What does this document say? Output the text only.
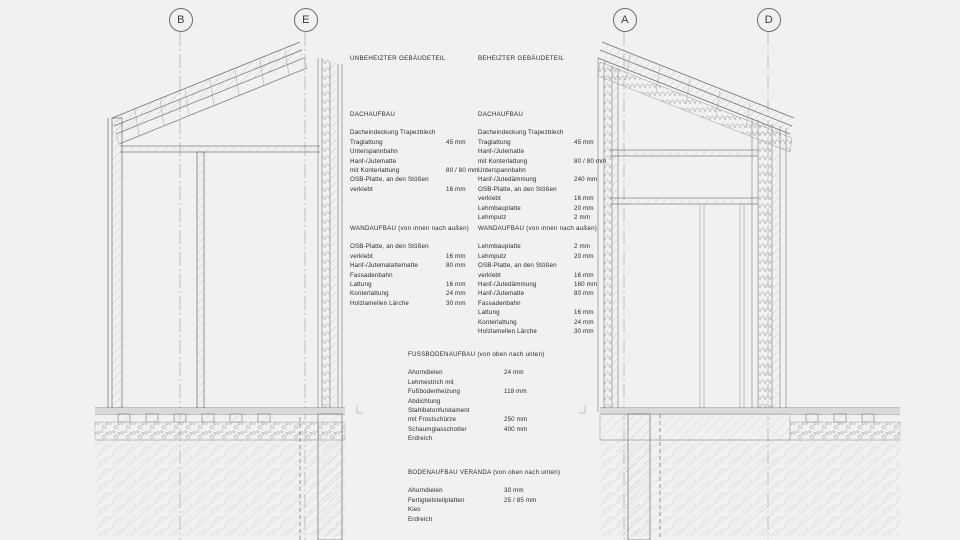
B	E	A	D
UNBEHEIZTER GEBÄUDETEIL	BEHEIZTER GEBÄUDETEIL
DACHAUFBAU
Dacheindeckung Trapezblech
Traglattung	45 mm
Unterspannbahn
Hanf-/Jutematte
mit Konterlattung	80 / 80 mm
OSB-Platte, an den Stößen
verklebt	16 mm
DACHAUFBAU
Dacheindeckung Trapezblech
Traglattung	45 mm
Hanf-/Jutematte
mit Konterlattung	80 / 80 mm
Unterspannbahn
Hanf-/Jutedämmung	240 mm
OSB-Platte, an den Stößen
verklebt	16 mm
Lehmbauplatte	20 mm
Lehmputz	2 mm
WANDAUFBAU (von innen nach außen)
OSB-Platte, an den Stößen
verklebt	16 mm
Hanf-/Jutematattematte	80 mm
Fassadenbahn
Lattung	16 mm
Konterlattung	24 mm
Holzlamellen Lärche	30 mm
WANDAUFBAU (von innen nach außen)
Lehmbauplatte	2 mm
Lehmputz	20 mm
OSB-Platte, an den Stößen
verklebt	16 mm
Hanf-/Jutedämmung	160 mm
Hanf-/Jutematte	80 mm
Fassadenbahn
Lattung	16 mm
Konterlattung	24 mm
Holzlamellen Lärche	30 mm
FUSSBODENAUFBAU (von oben nach unten)
Ahorndielen	24 mm
Lehmestrich mit
Fußbodenheizung	118 mm
Abdichtung
Stahlbetonfundament
mit Frostschürze	250 mm
Schaumglasschotter	400 mm
Erdreich
BODENAUFBAU VERANDA (von oben nach unten)
Ahorndielen	30 mm
Fertigteilstellplatten	25 / 85 mm
Kies
Erdreich
